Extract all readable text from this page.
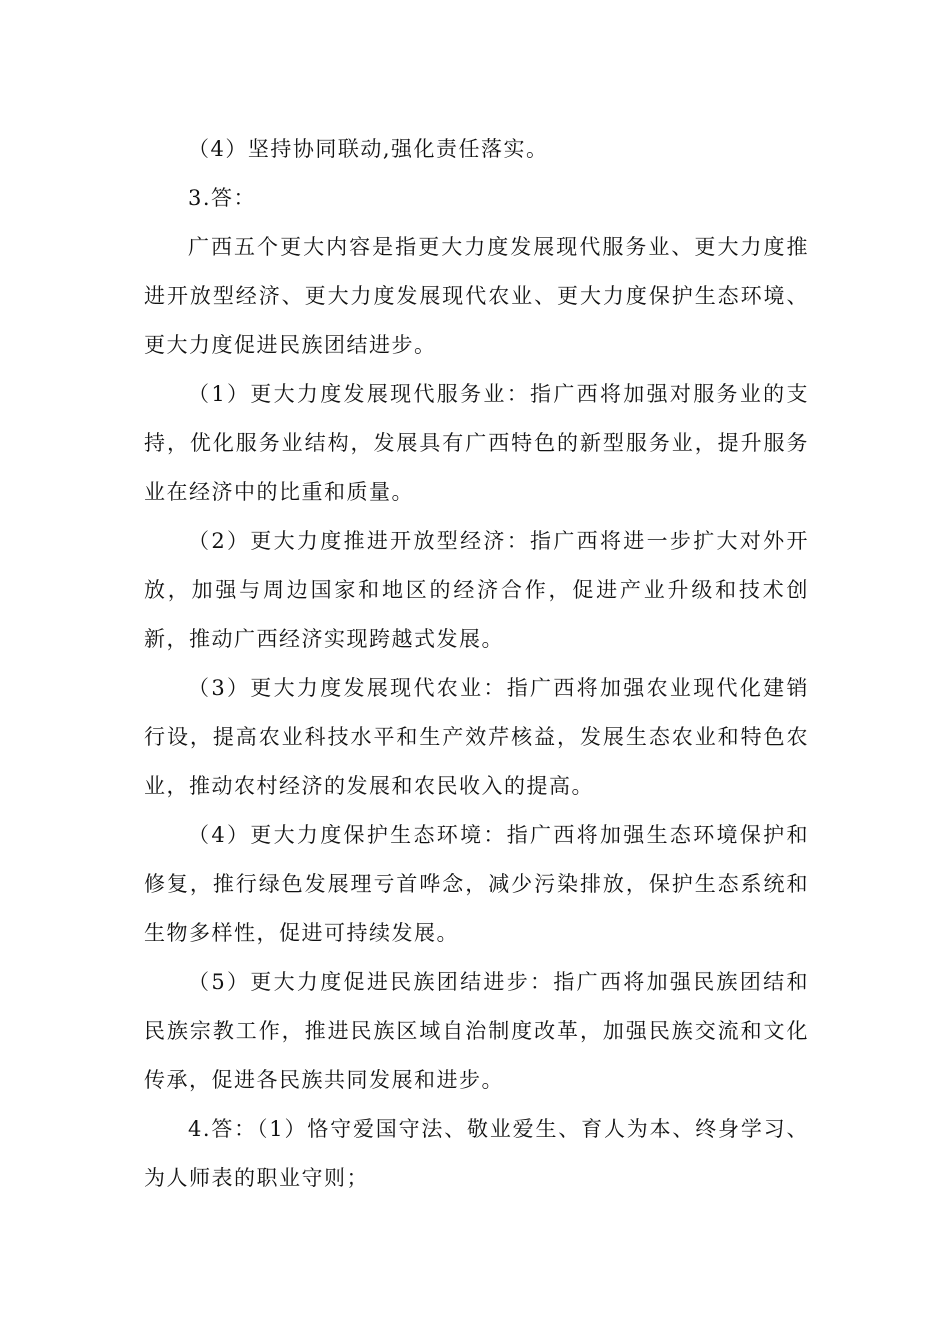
（4）坚持协同联动,强化责任落实。

3.答：

广西五个更大内容是指更大力度发展现代服务业、更大力度推进开放型经济、更大力度发展现代农业、更大力度保护生态环境、更大力度促进民族团结进步。

（1）更大力度发展现代服务业：指广西将加强对服务业的支持，优化服务业结构，发展具有广西特色的新型服务业，提升服务业在经济中的比重和质量。

（2）更大力度推进开放型经济：指广西将进一步扩大对外开放，加强与周边国家和地区的经济合作，促进产业升级和技术创新，推动广西经济实现跨越式发展。

（3）更大力度发展现代农业：指广西将加强农业现代化建销行设，提高农业科技水平和生产效芹核益，发展生态农业和特色农业，推动农村经济的发展和农民收入的提高。

（4）更大力度保护生态环境：指广西将加强生态环境保护和修复，推行绿色发展理亏首哗念，减少污染排放，保护生态系统和生物多样性，促进可持续发展。

（5）更大力度促进民族团结进步：指广西将加强民族团结和民族宗教工作，推进民族区域自治制度改革，加强民族交流和文化传承，促进各民族共同发展和进步。

4.答：（1）恪守爱国守法、敬业爱生、育人为本、终身学习、为人师表的职业守则；
